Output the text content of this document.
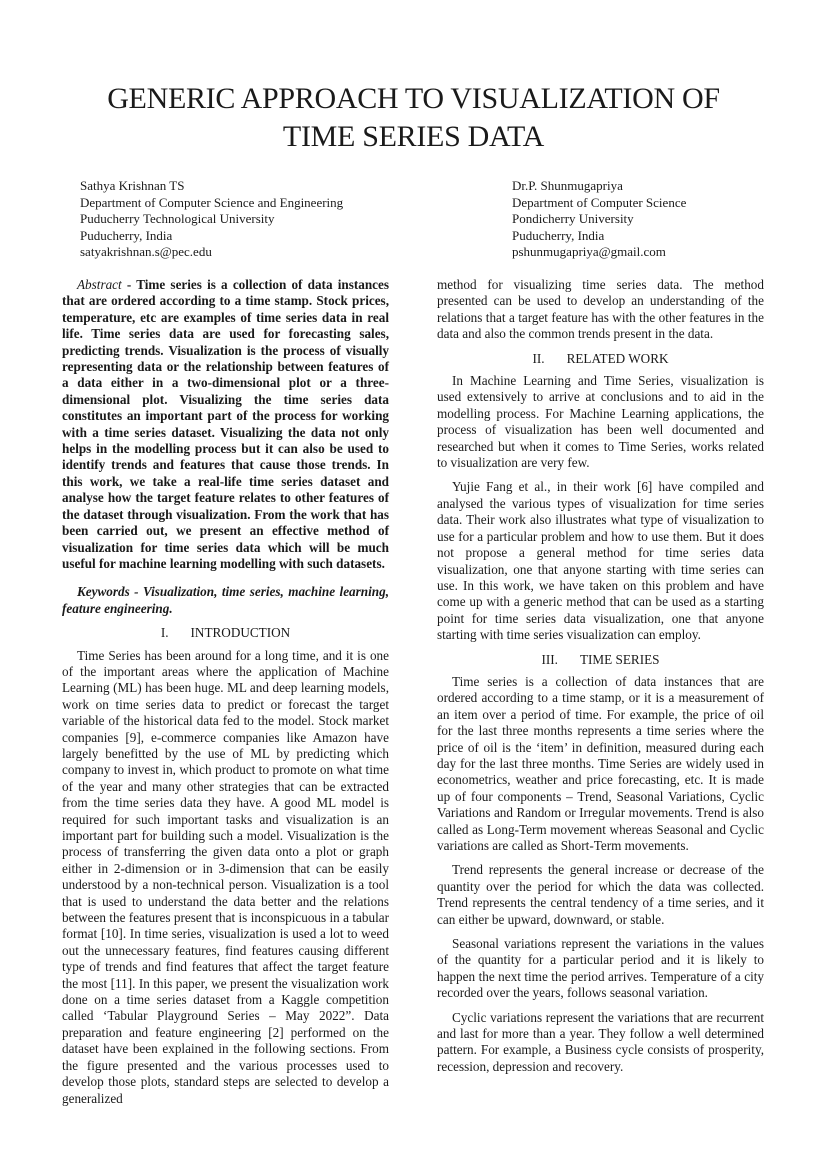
GENERIC APPROACH TO VISUALIZATION OF
TIME SERIES DATA
Sathya Krishnan TS
Department of Computer Science and Engineering
Puducherry Technological University
Puducherry, India
satyakrishnan.s@pec.edu
Dr.P. Shunmugapriya
Department of Computer Science
Pondicherry University
Puducherry, India
pshunmugapriya@gmail.com

Abstract - Time series is a collection of data instances that are ordered according to a time stamp. Stock prices, temperature, etc are examples of time series data in real life. Time series data are used for forecasting sales, predicting trends. Visualization is the process of visually representing data or the relationship between features of a data either in a two-dimensional plot or a three-dimensional plot. Visualizing the time series data constitutes an important part of the process for working with a time series dataset. Visualizing the data not only helps in the modelling process but it can also be used to identify trends and features that cause those trends. In this work, we take a real-life time series dataset and analyse how the target feature relates to other features of the dataset through visualization. From the work that has been carried out, we present an effective method of visualization for time series data which will be much useful for machine learning modelling with such datasets.

Keywords - Visualization, time series, machine learning, feature engineering.

I. INTRODUCTION

Time Series has been around for a long time, and it is one of the important areas where the application of Machine Learning (ML) has been huge. ML and deep learning models, work on time series data to predict or forecast the target variable of the historical data fed to the model. Stock market companies [9], e-commerce companies like Amazon have largely benefitted by the use of ML by predicting which company to invest in, which product to promote on what time of the year and many other strategies that can be extracted from the time series data they have. A good ML model is required for such important tasks and visualization is an important part for building such a model. Visualization is the process of transferring the given data onto a plot or graph either in 2-dimension or in 3-dimension that can be easily understood by a non-technical person. Visualization is a tool that is used to understand the data better and the relations between the features present that is inconspicuous in a tabular format [10]. In time series, visualization is used a lot to weed out the unnecessary features, find features causing different type of trends and find features that affect the target feature the most [11]. In this paper, we present the visualization work done on a time series dataset from a Kaggle competition called ‘Tabular Playground Series – May 2022”. Data preparation and feature engineering [2] performed on the dataset have been explained in the following sections. From the figure presented and the various processes used to develop those plots, standard steps are selected to develop a generalized

method for visualizing time series data. The method presented can be used to develop an understanding of the relations that a target feature has with the other features in the data and also the common trends present in the data.

II. RELATED WORK

In Machine Learning and Time Series, visualization is used extensively to arrive at conclusions and to aid in the modelling process. For Machine Learning applications, the process of visualization has been well documented and researched but when it comes to Time Series, works related to visualization are very few.

Yujie Fang et al., in their work [6] have compiled and analysed the various types of visualization for time series data. Their work also illustrates what type of visualization to use for a particular problem and how to use them. But it does not propose a general method for time series data visualization, one that anyone starting with time series can use. In this work, we have taken on this problem and have come up with a generic method that can be used as a starting point for time series data visualization, one that anyone starting with time series visualization can employ.

III. TIME SERIES

Time series is a collection of data instances that are ordered according to a time stamp, or it is a measurement of an item over a period of time. For example, the price of oil for the last three months represents a time series where the price of oil is the ‘item’ in definition, measured during each day for the last three months. Time Series are widely used in econometrics, weather and price forecasting, etc. It is made up of four components – Trend, Seasonal Variations, Cyclic Variations and Random or Irregular movements. Trend is also called as Long-Term movement whereas Seasonal and Cyclic variations are called as Short-Term movements.

Trend represents the general increase or decrease of the quantity over the period for which the data was collected. Trend represents the central tendency of a time series, and it can either be upward, downward, or stable.

Seasonal variations represent the variations in the values of the quantity for a particular period and it is likely to happen the next time the period arrives. Temperature of a city recorded over the years, follows seasonal variation.

Cyclic variations represent the variations that are recurrent and last for more than a year. They follow a well determined pattern. For example, a Business cycle consists of prosperity, recession, depression and recovery.
